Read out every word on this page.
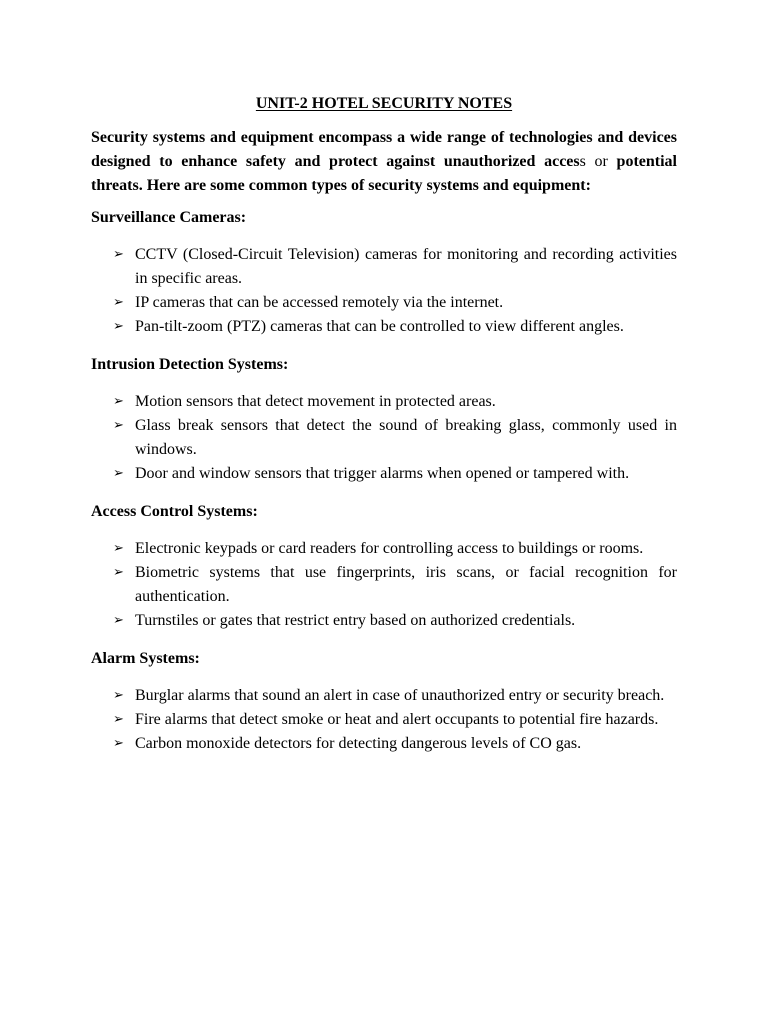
UNIT-2 HOTEL SECURITY NOTES

Security systems and equipment encompass a wide range of technologies and devices designed to enhance safety and protect against unauthorized access or potential threats. Here are some common types of security systems and equipment:

Surveillance Cameras:
➢ CCTV (Closed-Circuit Television) cameras for monitoring and recording activities in specific areas.
➢ IP cameras that can be accessed remotely via the internet.
➢ Pan-tilt-zoom (PTZ) cameras that can be controlled to view different angles.
Intrusion Detection Systems:
➢ Motion sensors that detect movement in protected areas.
➢ Glass break sensors that detect the sound of breaking glass, commonly used in windows.
➢ Door and window sensors that trigger alarms when opened or tampered with.
Access Control Systems:
➢ Electronic keypads or card readers for controlling access to buildings or rooms.
➢ Biometric systems that use fingerprints, iris scans, or facial recognition for authentication.
➢ Turnstiles or gates that restrict entry based on authorized credentials.
Alarm Systems:
➢ Burglar alarms that sound an alert in case of unauthorized entry or security breach.
➢ Fire alarms that detect smoke or heat and alert occupants to potential fire hazards.
➢ Carbon monoxide detectors for detecting dangerous levels of CO gas.
